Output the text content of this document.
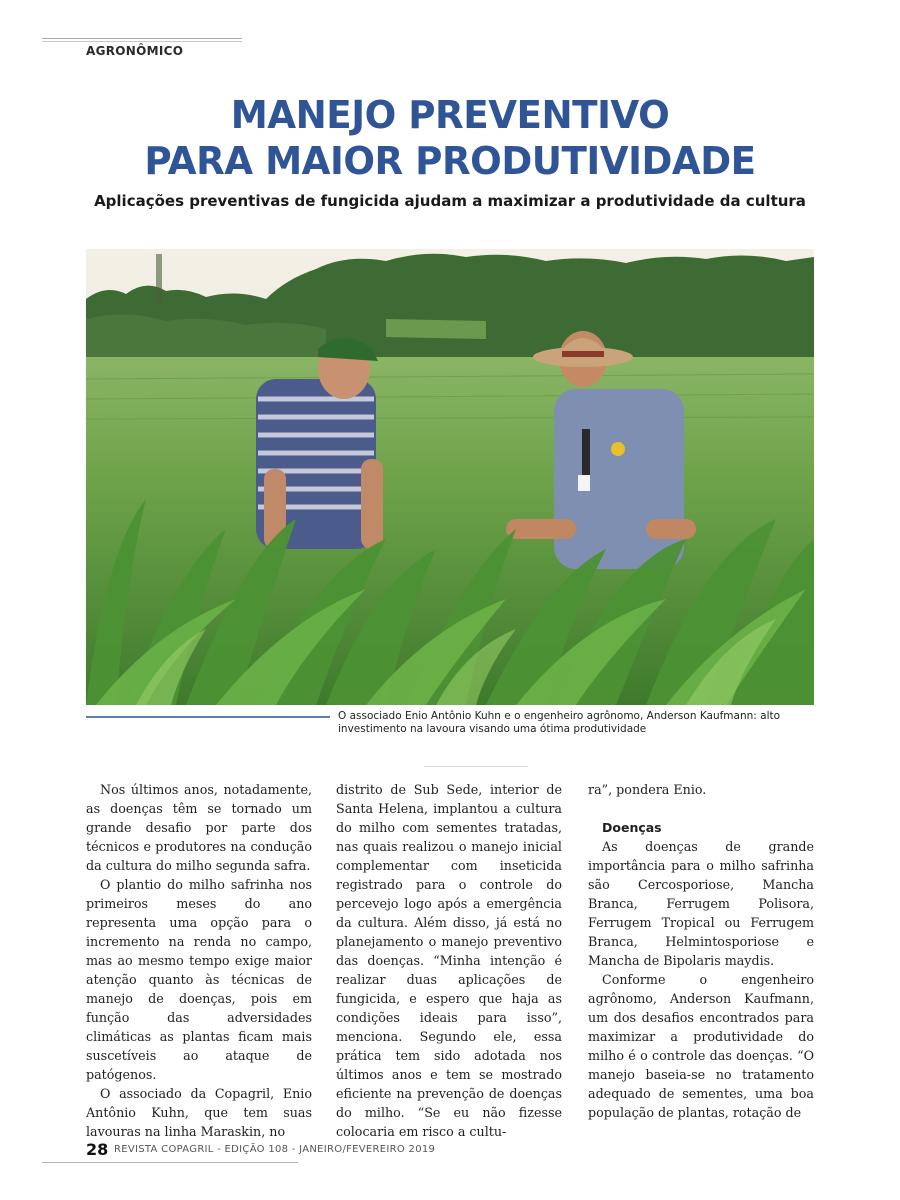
AGRONÔMICO
MANEJO PREVENTIVO
PARA MAIOR PRODUTIVIDADE
Aplicações preventivas de fungicida ajudam a maximizar a produtividade da cultura
O associado Enio Antônio Kuhn e o engenheiro agrônomo, Anderson Kaufmann: alto investimento na lavoura visando uma ótima produtividade

Nos últimos anos, notadamente, as doenças têm se tornado um grande desafio por parte dos técnicos e produtores na condução da cultura do milho segunda safra.

O plantio do milho safrinha nos primeiros meses do ano representa uma opção para o incremento na renda no campo, mas ao mesmo tempo exige maior atenção quanto às técnicas de manejo de doenças, pois em função das adversidades climáticas as plantas ficam mais suscetíveis ao ataque de patógenos.

O associado da Copagril, Enio Antônio Kuhn, que tem suas lavouras na linha Maraskin, no

distrito de Sub Sede, interior de Santa Helena, implantou a cultura do milho com sementes tratadas, nas quais realizou o manejo inicial complementar com inseticida registrado para o controle do percevejo logo após a emergência da cultura. Além disso, já está no planejamento o manejo preventivo das doenças. “Minha intenção é realizar duas aplicações de fungicida, e espero que haja as condições ideais para isso”, menciona. Segundo ele, essa prática tem sido adotada nos últimos anos e tem se mostrado eficiente na prevenção de doenças do milho. “Se eu não fizesse colocaria em risco a cultu-

ra”, pondera Enio.

Doenças

As doenças de grande importância para o milho safrinha são Cercosporiose, Mancha Branca, Ferrugem Polisora, Ferrugem Tropical ou Ferrugem Branca, Helmintosporiose e Mancha de Bipolaris maydis.

Conforme o engenheiro agrônomo, Anderson Kaufmann, um dos desafios encontrados para maximizar a produtividade do milho é o controle das doenças. “O manejo baseia-se no tratamento adequado de sementes, uma boa população de plantas, rotação de

28 REVISTA COPAGRIL - EDIÇÃO 108 - JANEIRO/FEVEREIRO 2019
